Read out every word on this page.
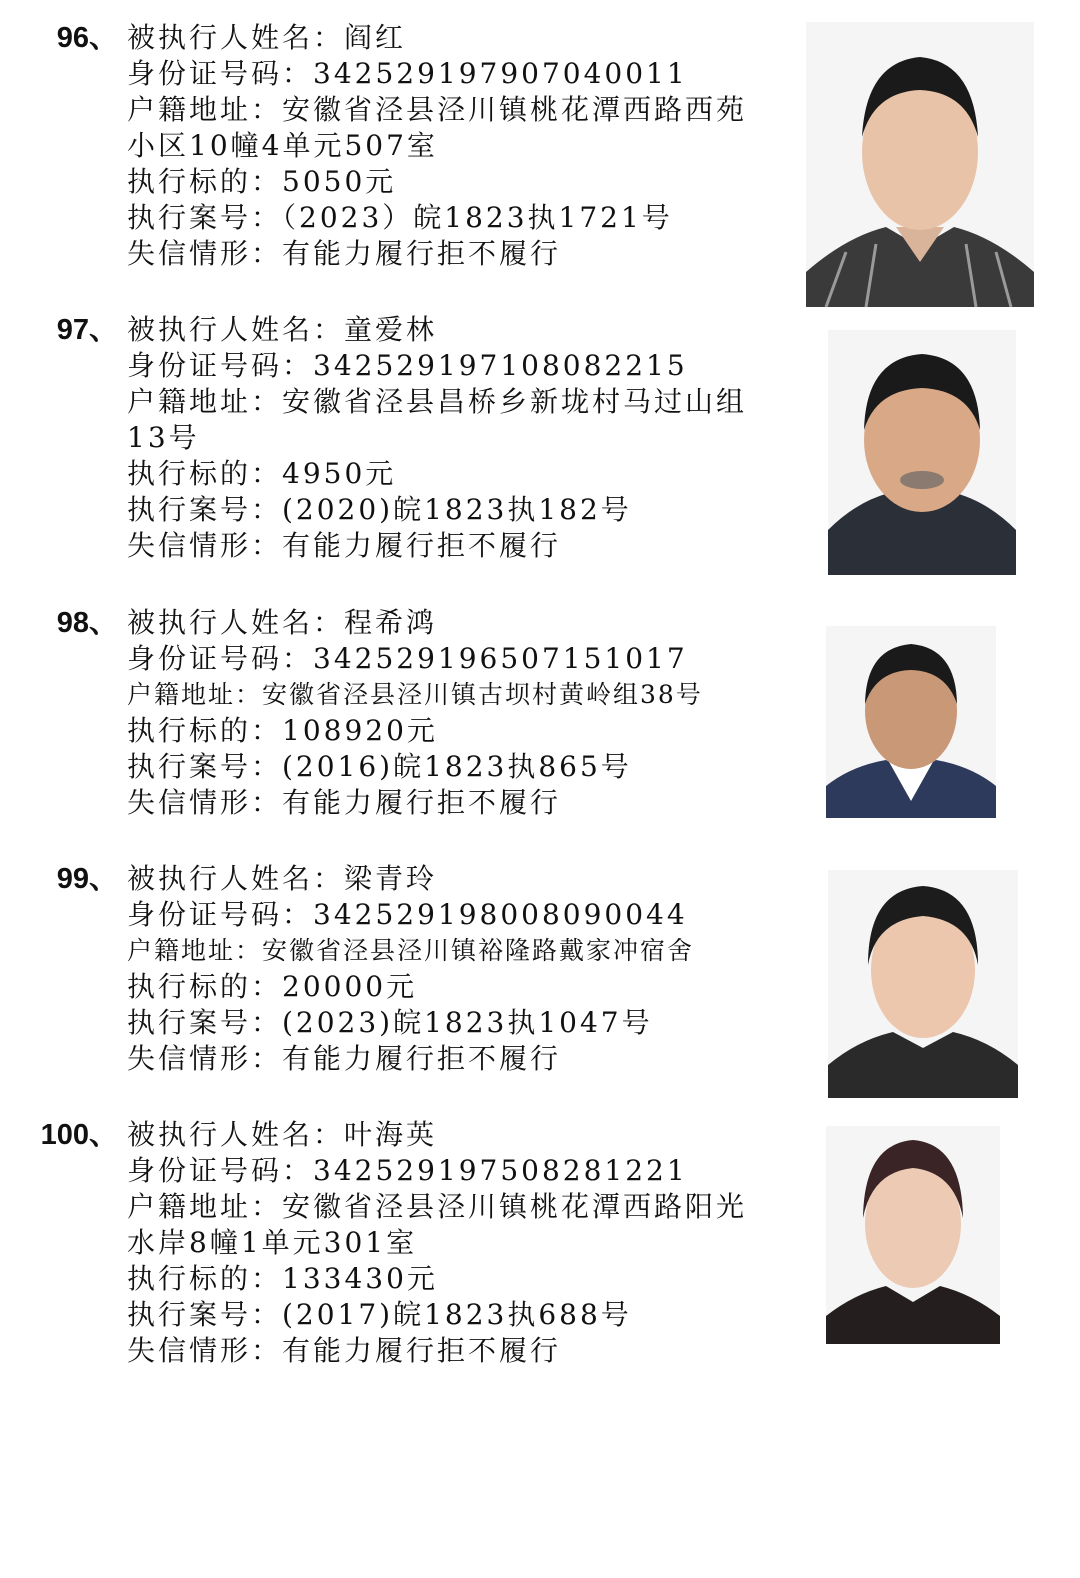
96、 被执行人姓名：阎红
身份证号码：342529197907040011
户籍地址：安徽省泾县泾川镇桃花潭西路西苑
小区10幢4单元507室
执行标的：5050元
执行案号：（2023）皖1823执1721号
失信情形：有能力履行拒不履行
97、 被执行人姓名：童爱林
身份证号码：342529197108082215
户籍地址：安徽省泾县昌桥乡新垅村马过山组
13号
执行标的：4950元
执行案号：(2020)皖1823执182号
失信情形：有能力履行拒不履行
98、 被执行人姓名：程希鸿
身份证号码：342529196507151017
户籍地址：安徽省泾县泾川镇古坝村黄岭组38号
执行标的：108920元
执行案号：(2016)皖1823执865号
失信情形：有能力履行拒不履行
99、 被执行人姓名：梁青玲
身份证号码：342529198008090044
户籍地址：安徽省泾县泾川镇裕隆路戴家冲宿舍
执行标的：20000元
执行案号：(2023)皖1823执1047号
失信情形：有能力履行拒不履行
100、 被执行人姓名：叶海英
身份证号码：342529197508281221
户籍地址：安徽省泾县泾川镇桃花潭西路阳光
水岸8幢1单元301室
执行标的：133430元
执行案号：(2017)皖1823执688号
失信情形：有能力履行拒不履行
